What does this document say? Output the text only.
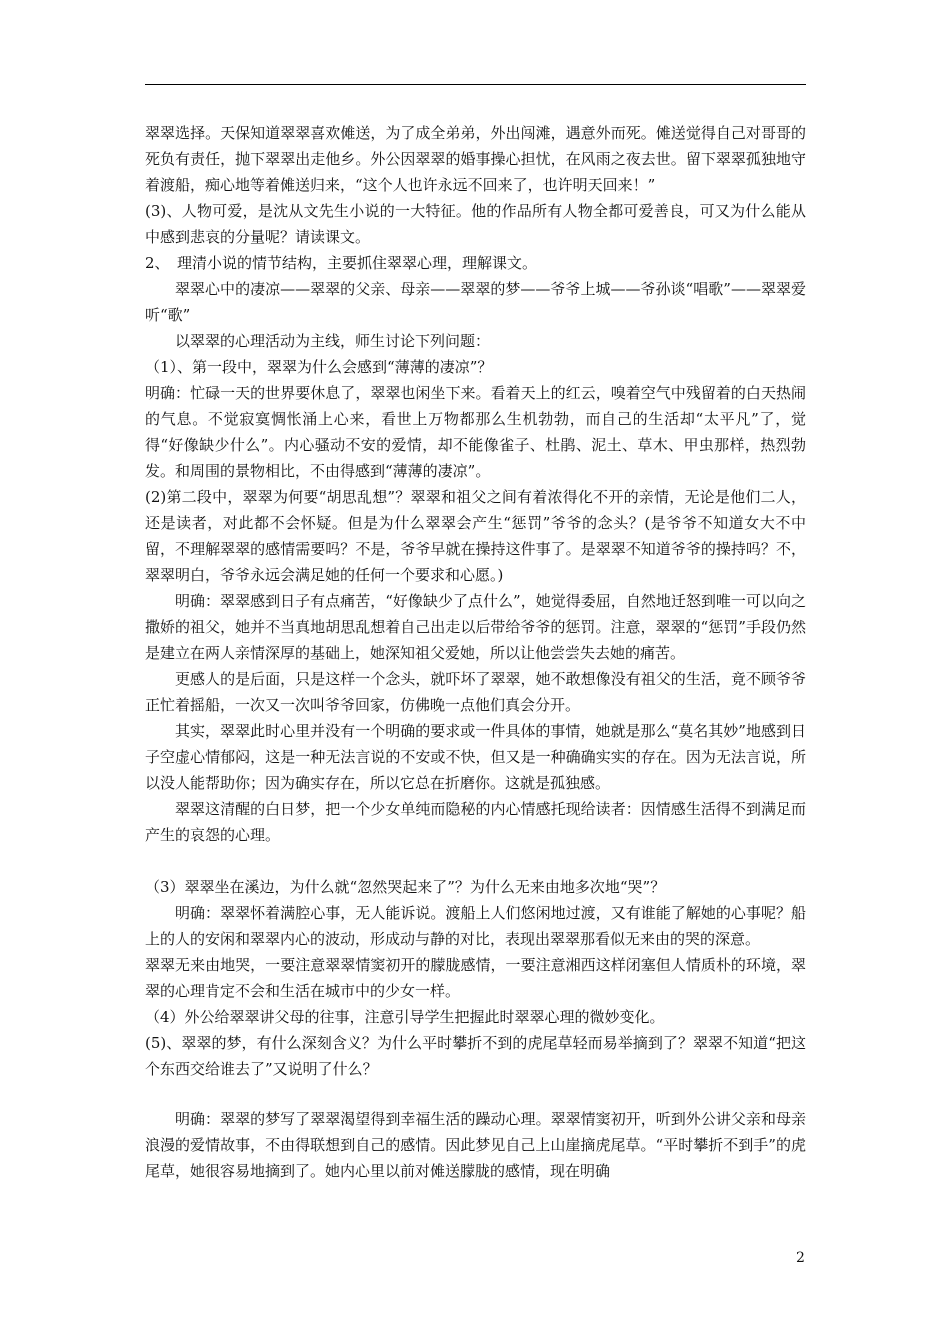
翠翠选择。天保知道翠翠喜欢傩送，为了成全弟弟，外出闯滩，遇意外而死。傩送觉得自己对哥哥的死负有责任，抛下翠翠出走他乡。外公因翠翠的婚事操心担忧，在风雨之夜去世。留下翠翠孤独地守着渡船，痴心地等着傩送归来，“这个人也许永远不回来了，也许明天回来！”

(3)、人物可爱，是沈从文先生小说的一大特征。他的作品所有人物全都可爱善良，可又为什么能从中感到悲哀的分量呢？请读课文。

2、　理清小说的情节结构，主要抓住翠翠心理，理解课文。

翠翠心中的凄凉——翠翠的父亲、母亲——翠翠的梦——爷爷上城——爷孙谈“唱歌”——翠翠爱听“歌”

以翠翠的心理活动为主线，师生讨论下列问题：

（1）、第一段中，翠翠为什么会感到“薄薄的凄凉”？

明确：忙碌一天的世界要休息了，翠翠也闲坐下来。看着天上的红云，嗅着空气中残留着的白天热闹的气息。不觉寂寞惆怅涌上心来，看世上万物都那么生机勃勃，而自己的生活却“太平凡”了，觉得“好像缺少什么”。内心骚动不安的爱情，却不能像雀子、杜鹃、泥土、草木、甲虫那样，热烈勃发。和周围的景物相比，不由得感到“薄薄的凄凉”。

(2)第二段中，翠翠为何要“胡思乱想”？翠翠和祖父之间有着浓得化不开的亲情，无论是他们二人，还是读者，对此都不会怀疑。但是为什么翠翠会产生“惩罚”爷爷的念头？(是爷爷不知道女大不中留，不理解翠翠的感情需要吗？不是，爷爷早就在操持这件事了。是翠翠不知道爷爷的操持吗？不，翠翠明白，爷爷永远会满足她的任何一个要求和心愿。)

明确：翠翠感到日子有点痛苦，“好像缺少了点什么”，她觉得委屈，自然地迁怒到唯一可以向之撒娇的祖父，她并不当真地胡思乱想着自己出走以后带给爷爷的惩罚。注意，翠翠的“惩罚”手段仍然是建立在两人亲情深厚的基础上，她深知祖父爱她，所以让他尝尝失去她的痛苦。

更感人的是后面，只是这样一个念头，就吓坏了翠翠，她不敢想像没有祖父的生活，竟不顾爷爷正忙着摇船，一次又一次叫爷爷回家，仿佛晚一点他们真会分开。

其实，翠翠此时心里并没有一个明确的要求或一件具体的事情，她就是那么“莫名其妙”地感到日子空虚心情郁闷，这是一种无法言说的不安或不快，但又是一种确确实实的存在。因为无法言说，所以没人能帮助你；因为确实存在，所以它总在折磨你。这就是孤独感。

翠翠这清醒的白日梦，把一个少女单纯而隐秘的内心情感托现给读者：因情感生活得不到满足而产生的哀怨的心理。

（3）翠翠坐在溪边，为什么就“忽然哭起来了”？为什么无来由地多次地“哭”？

明确：翠翠怀着满腔心事，无人能诉说。渡船上人们悠闲地过渡，又有谁能了解她的心事呢？船上的人的安闲和翠翠内心的波动，形成动与静的对比，表现出翠翠那看似无来由的哭的深意。

翠翠无来由地哭，一要注意翠翠情窦初开的朦胧感情，一要注意湘西这样闭塞但人情质朴的环境，翠翠的心理肯定不会和生活在城市中的少女一样。

（4）外公给翠翠讲父母的往事，注意引导学生把握此时翠翠心理的微妙变化。

(5)、翠翠的梦，有什么深刻含义？为什么平时攀折不到的虎尾草轻而易举摘到了？翠翠不知道“把这个东西交给谁去了”又说明了什么？

明确：翠翠的梦写了翠翠渴望得到幸福生活的躁动心理。翠翠情窦初开，听到外公讲父亲和母亲浪漫的爱情故事，不由得联想到自己的感情。因此梦见自己上山崖摘虎尾草。“平时攀折不到手”的虎尾草，她很容易地摘到了。她内心里以前对傩送朦胧的感情，现在明确

2
